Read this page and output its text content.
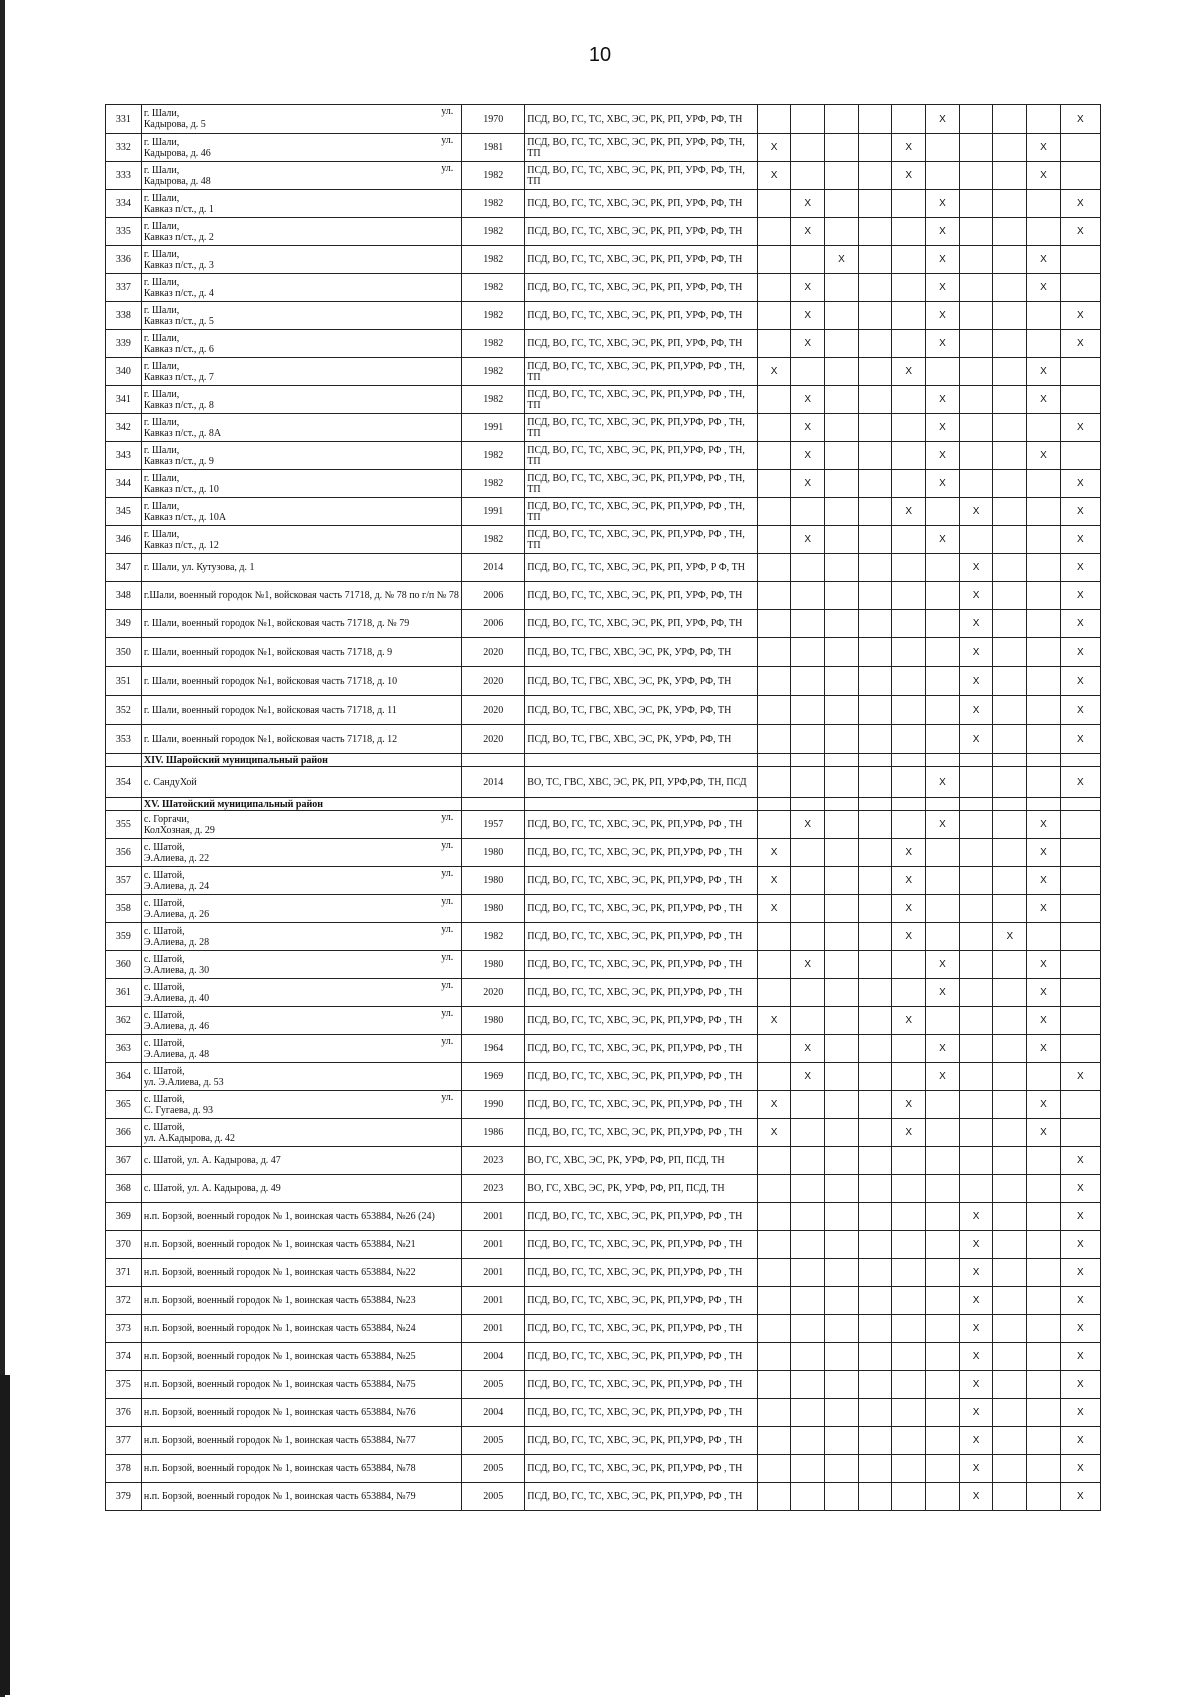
10
331	г. Шали, ул.
Кадырова, д. 5	1970	ПСД, ВО, ГС, ТС, ХВС, ЭС, РК, РП, УРФ, РФ, ТН						X				X
332	г. Шали, ул.
Кадырова, д. 46	1981	ПСД, ВО, ГС, ТС, ХВС, ЭС, РК, РП, УРФ, РФ, ТН, ТП	X				X				X	
333	г. Шали, ул.
Кадырова, д. 48	1982	ПСД, ВО, ГС, ТС, ХВС, ЭС, РК, РП, УРФ, РФ, ТН, ТП	X				X				X	
334	г. Шали,
Кавказ п/ст., д. 1	1982	ПСД, ВО, ГС, ТС, ХВС, ЭС, РК, РП, УРФ, РФ, ТН		X				X				X
335	г. Шали,
Кавказ п/ст., д. 2	1982	ПСД, ВО, ГС, ТС, ХВС, ЭС, РК, РП, УРФ, РФ, ТН		X				X				X
336	г. Шали,
Кавказ п/ст., д. 3	1982	ПСД, ВО, ГС, ТС, ХВС, ЭС, РК, РП, УРФ, РФ, ТН			X			X			X	
337	г. Шали,
Кавказ п/ст., д. 4	1982	ПСД, ВО, ГС, ТС, ХВС, ЭС, РК, РП, УРФ, РФ, ТН		X				X			X	
338	г. Шали,
Кавказ п/ст., д. 5	1982	ПСД, ВО, ГС, ТС, ХВС, ЭС, РК, РП, УРФ, РФ, ТН		X				X				X
339	г. Шали,
Кавказ п/ст., д. 6	1982	ПСД, ВО, ГС, ТС, ХВС, ЭС, РК, РП, УРФ, РФ, ТН		X				X				X
340	г. Шали,
Кавказ п/ст., д. 7	1982	ПСД, ВО, ГС, ТС, ХВС, ЭС, РК, РП,УРФ, РФ , ТН, ТП	X				X				X	
341	г. Шали,
Кавказ п/ст., д. 8	1982	ПСД, ВО, ГС, ТС, ХВС, ЭС, РК, РП,УРФ, РФ , ТН, ТП		X				X			X	
342	г. Шали,
Кавказ п/ст., д. 8А	1991	ПСД, ВО, ГС, ТС, ХВС, ЭС, РК, РП,УРФ, РФ , ТН, ТП		X				X				X
343	г. Шали,
Кавказ п/ст., д. 9	1982	ПСД, ВО, ГС, ТС, ХВС, ЭС, РК, РП,УРФ, РФ , ТН, ТП		X				X			X	
344	г. Шали,
Кавказ п/ст., д. 10	1982	ПСД, ВО, ГС, ТС, ХВС, ЭС, РК, РП,УРФ, РФ , ТН, ТП		X				X				X
345	г. Шали,
Кавказ п/ст., д. 10А	1991	ПСД, ВО, ГС, ТС, ХВС, ЭС, РК, РП,УРФ, РФ , ТН, ТП					X		X			X
346	г. Шали,
Кавказ п/ст., д. 12	1982	ПСД, ВО, ГС, ТС, ХВС, ЭС, РК, РП,УРФ, РФ , ТН, ТП		X				X				X
347	г. Шали, ул. Кутузова, д. 1	2014	ПСД, ВО, ГС, ТС, ХВС, ЭС, РК, РП, УРФ, Р Ф, ТН							X			X
348	г.Шали, военный городок №1, войсковая часть 71718, д. № 78 по г/п № 78	2006	ПСД, ВО, ГС, ТС, ХВС, ЭС, РК, РП, УРФ, РФ, ТН							X			X
349	г. Шали, военный городок №1, войсковая часть 71718, д. № 79	2006	ПСД, ВО, ГС, ТС, ХВС, ЭС, РК, РП, УРФ, РФ, ТН							X			X
350	г. Шали, военный городок №1, войсковая часть 71718, д. 9	2020	ПСД, ВО, ТС, ГВС, ХВС, ЭС, РК, УРФ, РФ, ТН							X			X
351	г. Шали, военный городок №1, войсковая часть 71718, д. 10	2020	ПСД, ВО, ТС, ГВС, ХВС, ЭС, РК, УРФ, РФ, ТН							X			X
352	г. Шали, военный городок №1, войсковая часть 71718, д. 11	2020	ПСД, ВО, ТС, ГВС, ХВС, ЭС, РК, УРФ, РФ, ТН							X			X
353	г. Шали, военный городок №1, войсковая часть 71718, д. 12	2020	ПСД, ВО, ТС, ГВС, ХВС, ЭС, РК, УРФ, РФ, ТН							X			X
	XIV. Шаройский муниципальный район												
354	с. СандуХой	2014	ВО, ТС, ГВС, ХВС, ЭС, РК, РП, УРФ,РФ, ТН, ПСД						X				X
	XV. Шатойский муниципальный район												
355	с. Горгачи, ул.
КолХозная, д. 29	1957	ПСД, ВО, ГС, ТС, ХВС, ЭС, РК, РП,УРФ, РФ , ТН		X				X			X	
356	с. Шатой, ул.
Э.Алиева, д. 22	1980	ПСД, ВО, ГС, ТС, ХВС, ЭС, РК, РП,УРФ, РФ , ТН	X				X				X	
357	с. Шатой, ул.
Э.Алиева, д. 24	1980	ПСД, ВО, ГС, ТС, ХВС, ЭС, РК, РП,УРФ, РФ , ТН	X				X				X	
358	с. Шатой, ул.
Э.Алиева, д. 26	1980	ПСД, ВО, ГС, ТС, ХВС, ЭС, РК, РП,УРФ, РФ , ТН	X				X				X	
359	с. Шатой, ул.
Э.Алиева, д. 28	1982	ПСД, ВО, ГС, ТС, ХВС, ЭС, РК, РП,УРФ, РФ , ТН					X			X		
360	с. Шатой, ул.
Э.Алиева, д. 30	1980	ПСД, ВО, ГС, ТС, ХВС, ЭС, РК, РП,УРФ, РФ , ТН		X				X			X	
361	с. Шатой, ул.
Э.Алиева, д. 40	2020	ПСД, ВО, ГС, ТС, ХВС, ЭС, РК, РП,УРФ, РФ , ТН						X			X	
362	с. Шатой, ул.
Э.Алиева, д. 46	1980	ПСД, ВО, ГС, ТС, ХВС, ЭС, РК, РП,УРФ, РФ , ТН	X				X				X	
363	с. Шатой, ул.
Э.Алиева, д. 48	1964	ПСД, ВО, ГС, ТС, ХВС, ЭС, РК, РП,УРФ, РФ , ТН		X				X			X	
364	с. Шатой,
ул. Э.Алиева, д. 53	1969	ПСД, ВО, ГС, ТС, ХВС, ЭС, РК, РП,УРФ, РФ , ТН		X				X				X
365	с. Шатой, ул.
С. Гугаева, д. 93	1990	ПСД, ВО, ГС, ТС, ХВС, ЭС, РК, РП,УРФ, РФ , ТН	X				X				X	
366	с. Шатой,
ул. А.Кадырова, д. 42	1986	ПСД, ВО, ГС, ТС, ХВС, ЭС, РК, РП,УРФ, РФ , ТН	X				X				X	
367	с. Шатой, ул. А. Кадырова, д. 47	2023	ВО, ГС, ХВС, ЭС, РК, УРФ, РФ, РП, ПСД, ТН										X
368	с. Шатой, ул. А. Кадырова, д. 49	2023	ВО, ГС, ХВС, ЭС, РК, УРФ, РФ, РП, ПСД, ТН										X
369	н.п. Борзой, военный городок № 1, воинская часть 653884, №26 (24)	2001	ПСД, ВО, ГС, ТС, ХВС, ЭС, РК, РП,УРФ, РФ , ТН							X			X
370	н.п. Борзой, военный городок № 1, воинская часть 653884, №21	2001	ПСД, ВО, ГС, ТС, ХВС, ЭС, РК, РП,УРФ, РФ , ТН							X			X
371	н.п. Борзой, военный городок № 1, воинская часть 653884, №22	2001	ПСД, ВО, ГС, ТС, ХВС, ЭС, РК, РП,УРФ, РФ , ТН							X			X
372	н.п. Борзой, военный городок № 1, воинская часть 653884, №23	2001	ПСД, ВО, ГС, ТС, ХВС, ЭС, РК, РП,УРФ, РФ , ТН							X			X
373	н.п. Борзой, военный городок № 1, воинская часть 653884, №24	2001	ПСД, ВО, ГС, ТС, ХВС, ЭС, РК, РП,УРФ, РФ , ТН							X			X
374	н.п. Борзой, военный городок № 1, воинская часть 653884, №25	2004	ПСД, ВО, ГС, ТС, ХВС, ЭС, РК, РП,УРФ, РФ , ТН							X			X
375	н.п. Борзой, военный городок № 1, воинская часть 653884, №75	2005	ПСД, ВО, ГС, ТС, ХВС, ЭС, РК, РП,УРФ, РФ , ТН							X			X
376	н.п. Борзой, военный городок № 1, воинская часть 653884, №76	2004	ПСД, ВО, ГС, ТС, ХВС, ЭС, РК, РП,УРФ, РФ , ТН							X			X
377	н.п. Борзой, военный городок № 1, воинская часть 653884, №77	2005	ПСД, ВО, ГС, ТС, ХВС, ЭС, РК, РП,УРФ, РФ , ТН							X			X
378	н.п. Борзой, военный городок № 1, воинская часть 653884, №78	2005	ПСД, ВО, ГС, ТС, ХВС, ЭС, РК, РП,УРФ, РФ , ТН							X			X
379	н.п. Борзой, военный городок № 1, воинская часть 653884, №79	2005	ПСД, ВО, ГС, ТС, ХВС, ЭС, РК, РП,УРФ, РФ , ТН							X			X
